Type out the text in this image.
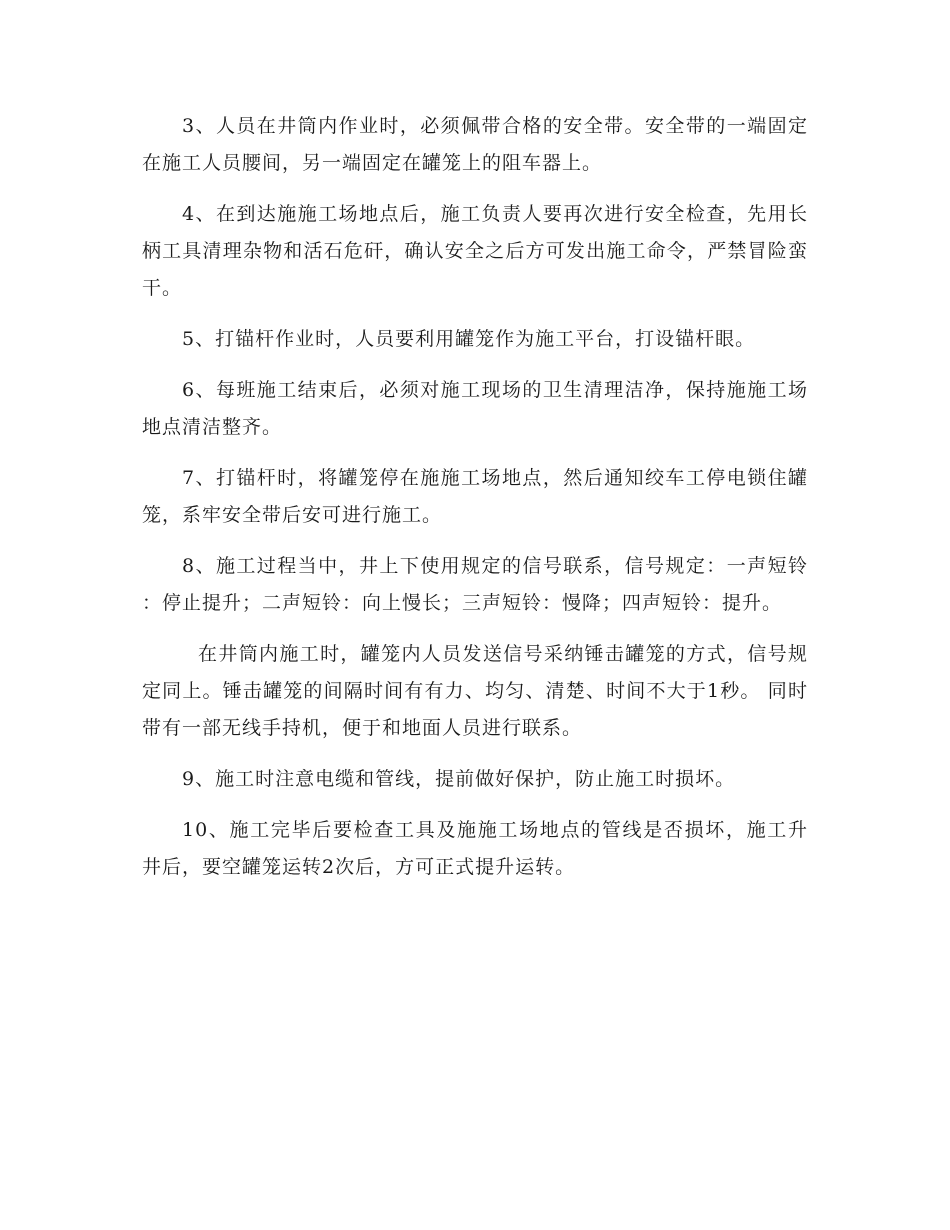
3、人员在井筒内作业时，必须佩带合格的安全带。安全带的一端固定在施工人员腰间，另一端固定在罐笼上的阻车器上。

4、在到达施施工场地点后，施工负责人要再次进行安全检查，先用长柄工具清理杂物和活石危矸，确认安全之后方可发出施工命令，严禁冒险蛮干。

5、打锚杆作业时，人员要利用罐笼作为施工平台，打设锚杆眼。

6、每班施工结束后，必须对施工现场的卫生清理洁净，保持施施工场地点清洁整齐。

7、打锚杆时，将罐笼停在施施工场地点，然后通知绞车工停电锁住罐笼，系牢安全带后安可进行施工。

8、施工过程当中，井上下使用规定的信号联系，信号规定：一声短铃 ：停止提升；二声短铃：向上慢长；三声短铃：慢降；四声短铃：提升。

在井筒内施工时，罐笼内人员发送信号采纳锤击罐笼的方式，信号规定同上。锤击罐笼的间隔时间有有力、均匀、清楚、时间不大于1秒。 同时带有一部无线手持机，便于和地面人员进行联系。

9、施工时注意电缆和管线，提前做好保护，防止施工时损坏。

10、施工完毕后要检查工具及施施工场地点的管线是否损坏，施工升井后，要空罐笼运转2次后，方可正式提升运转。
